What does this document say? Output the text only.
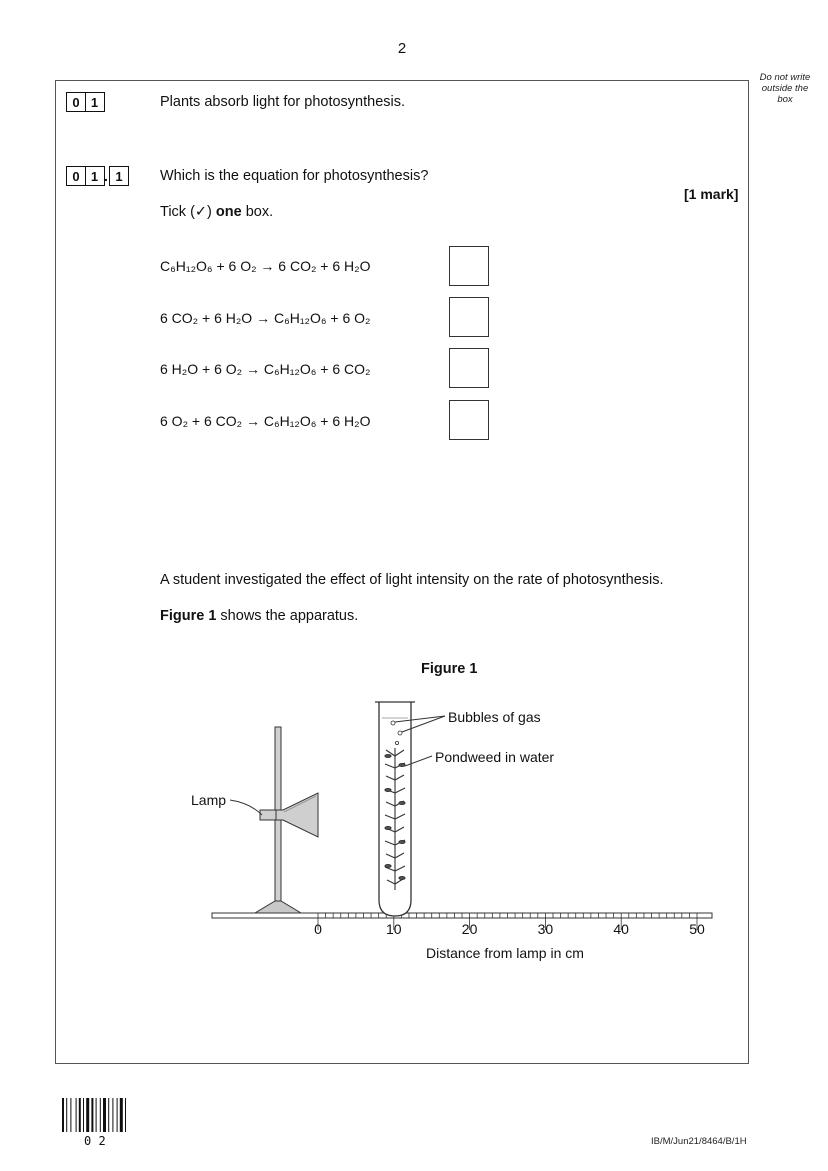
2
Do not write
outside the
box
0 1	Plants absorb light for photosynthesis.
0 1 . 1	Which is the equation for photosynthesis?
[1 mark]
Tick (✓) one box.
C₆H₁₂O₆ + 6 O₂ → 6 CO₂ + 6 H₂O
6 CO₂ + 6 H₂O → C₆H₁₂O₆ + 6 O₂
6 H₂O + 6 O₂ → C₆H₁₂O₆ + 6 CO₂
6 O₂ + 6 CO₂ → C₆H₁₂O₆ + 6 H₂O
A student investigated the effect of light intensity on the rate of photosynthesis.
Figure 1 shows the apparatus.
Figure 1
Bubbles of gas
Pondweed in water
Lamp
0	10	20	30	40	50
Distance from lamp in cm
0 2	IB/M/Jun21/8464/B/1H
